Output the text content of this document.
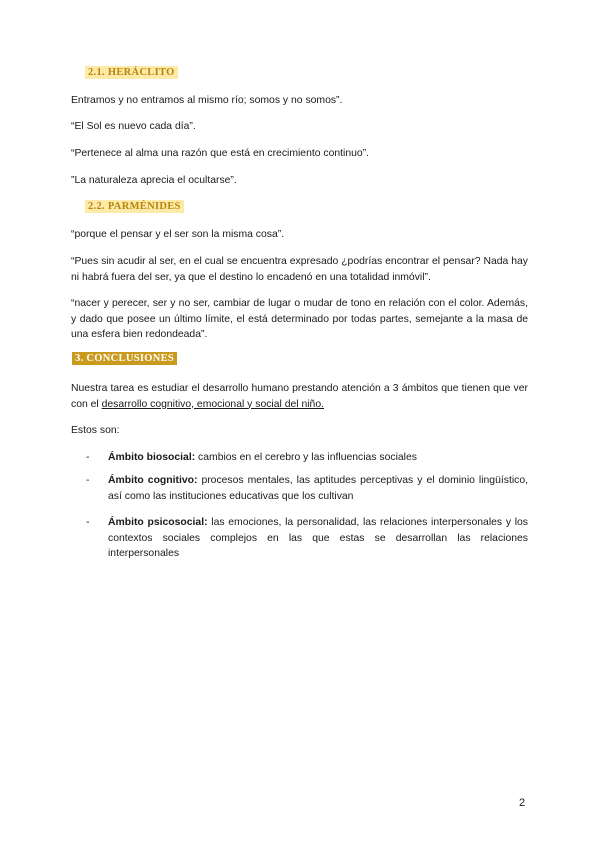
2.1. HERÁCLITO

Entramos y no entramos al mismo río; somos y no somos”.

“El Sol es nuevo cada día”.

“Pertenece al alma una razón que está en crecimiento continuo”.

”La naturaleza aprecia el ocultarse”.

2.2. PARMÉNIDES

“porque el pensar y el ser son la misma cosa”.

“Pues sin acudir al ser, en el cual se encuentra expresado ¿podrías encontrar el pensar? Nada hay ni habrá fuera del ser, ya que el destino lo encadenó en una totalidad inmóvil”.

“nacer y perecer, ser y no ser, cambiar de lugar o mudar de tono en relación con el color. Además, y dado que posee un último límite, el está determinado por todas partes, semejante a la masa de una esfera bien redondeada”.

3. CONCLUSIONES

Nuestra tarea es estudiar el desarrollo humano prestando atención a 3 ámbitos que tienen que ver con el desarrollo cognitivo, emocional y social del niño.

Estos son:

- Ámbito biosocial: cambios en el cerebro y las influencias sociales
- Ámbito cognitivo: procesos mentales, las aptitudes perceptivas y el dominio lingüístico, así como las instituciones educativas que los cultivan
- Ámbito psicosocial: las emociones, la personalidad, las relaciones interpersonales y los contextos sociales complejos en las que estas se desarrollan las relaciones interpersonales
2
